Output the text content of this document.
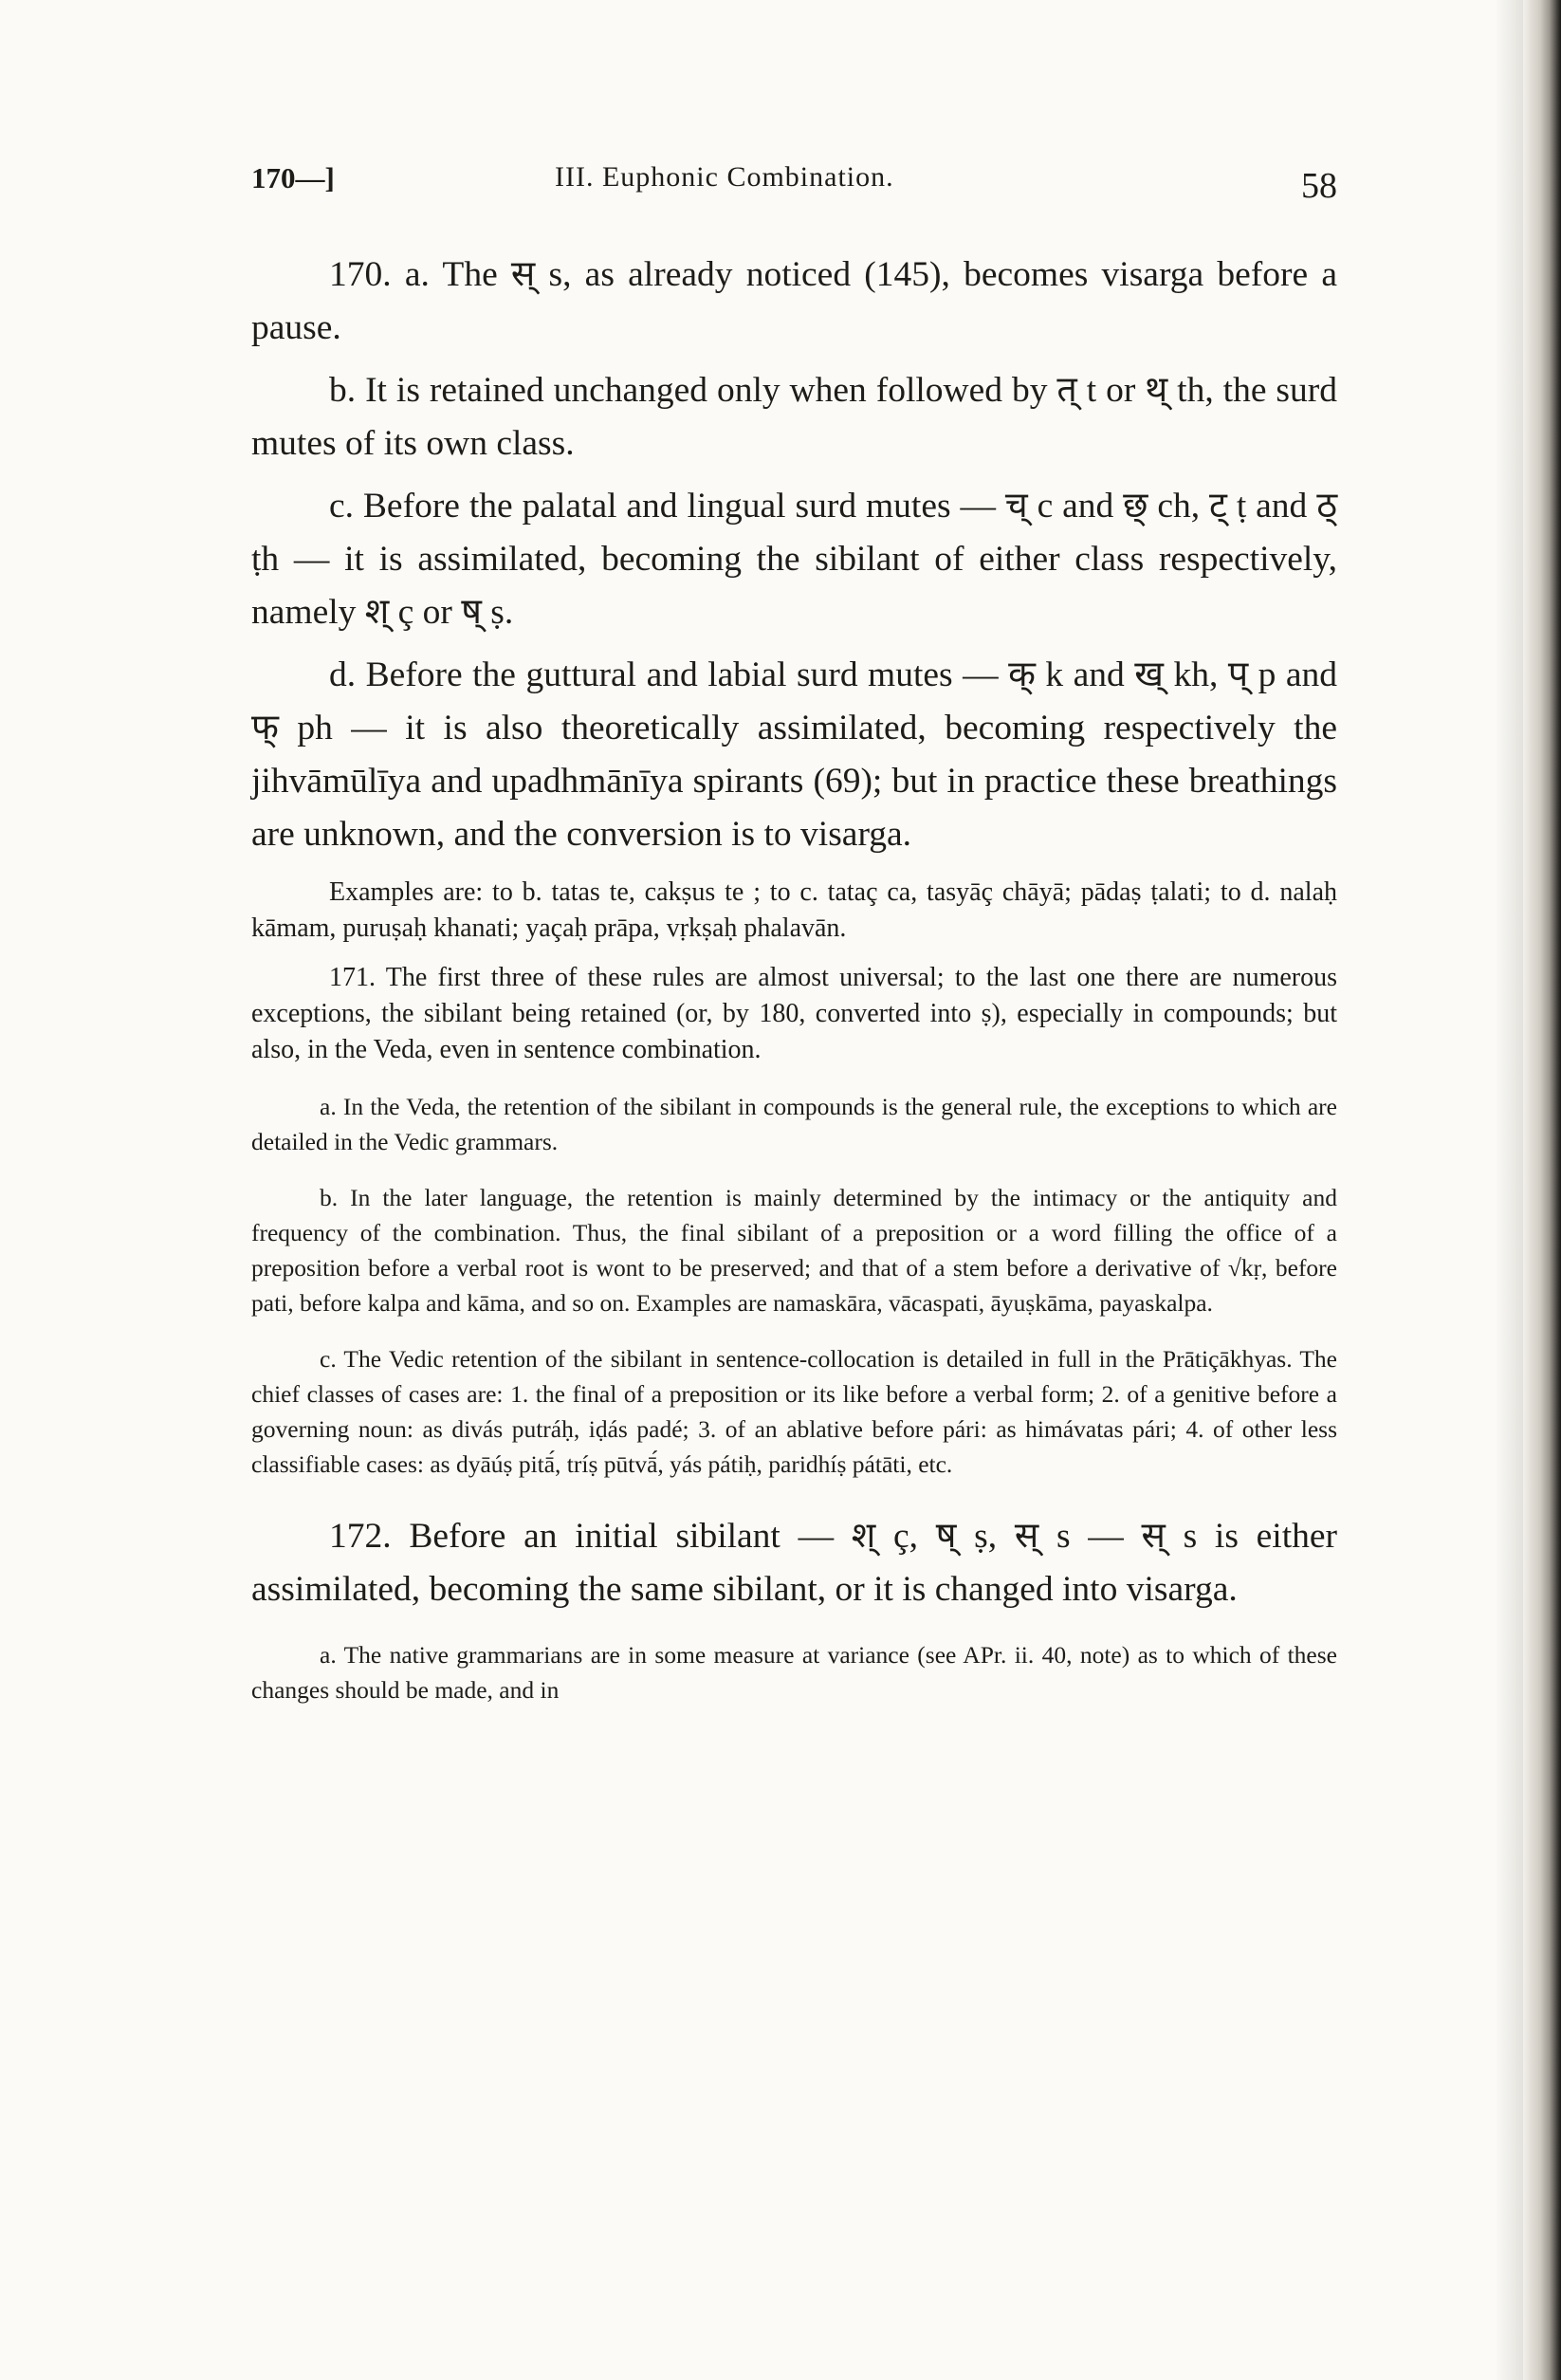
170—]	III. Euphonic Combination.	58

170. a. The स् s, as already noticed (145), becomes visarga before a pause.

b. It is retained unchanged only when followed by त् t or थ् th, the surd mutes of its own class.

c. Before the palatal and lingual surd mutes — च् c and छ् ch, ट् ṭ and ठ् ṭh — it is assimilated, becoming the sibilant of either class respectively, namely श् ç or ष् ṣ.

d. Before the guttural and labial surd mutes — क् k and ख् kh, प् p and फ् ph — it is also theoretically assimilated, becoming respectively the jihvāmūlīya and upadhmānīya spirants (69); but in practice these breathings are unknown, and the conversion is to visarga.

Examples are: to b. tatas te, cakṣus te ; to c. tataç ca, tasyāç chāyā; pādaṣ ṭalati; to d. nalaḥ kāmam, puruṣaḥ khanati; yaçaḥ prāpa, vṛkṣaḥ phalavān.

171. The first three of these rules are almost universal; to the last one there are numerous exceptions, the sibilant being retained (or, by 180, converted into ṣ), especially in compounds; but also, in the Veda, even in sentence combination.

a. In the Veda, the retention of the sibilant in compounds is the general rule, the exceptions to which are detailed in the Vedic grammars.

b. In the later language, the retention is mainly determined by the intimacy or the antiquity and frequency of the combination. Thus, the final sibilant of a preposition or a word filling the office of a preposition before a verbal root is wont to be preserved; and that of a stem before a derivative of √kṛ, before pati, before kalpa and kāma, and so on. Examples are namaskāra, vācaspati, āyuṣkāma, payaskalpa.

c. The Vedic retention of the sibilant in sentence-collocation is detailed in full in the Prātiçākhyas. The chief classes of cases are: 1. the final of a preposition or its like before a verbal form; 2. of a genitive before a governing noun: as divás putráḥ, iḍás padé; 3. of an ablative before pári: as himávatas pári; 4. of other less classifiable cases: as dyāúṣ pitā́, tríṣ pūtvā́, yás pátiḥ, paridhíṣ pátāti, etc.

172. Before an initial sibilant — श् ç, ष् ṣ, स् s — स् s is either assimilated, becoming the same sibilant, or it is changed into visarga.

a. The native grammarians are in some measure at variance (see APr. ii. 40, note) as to which of these changes should be made, and in
